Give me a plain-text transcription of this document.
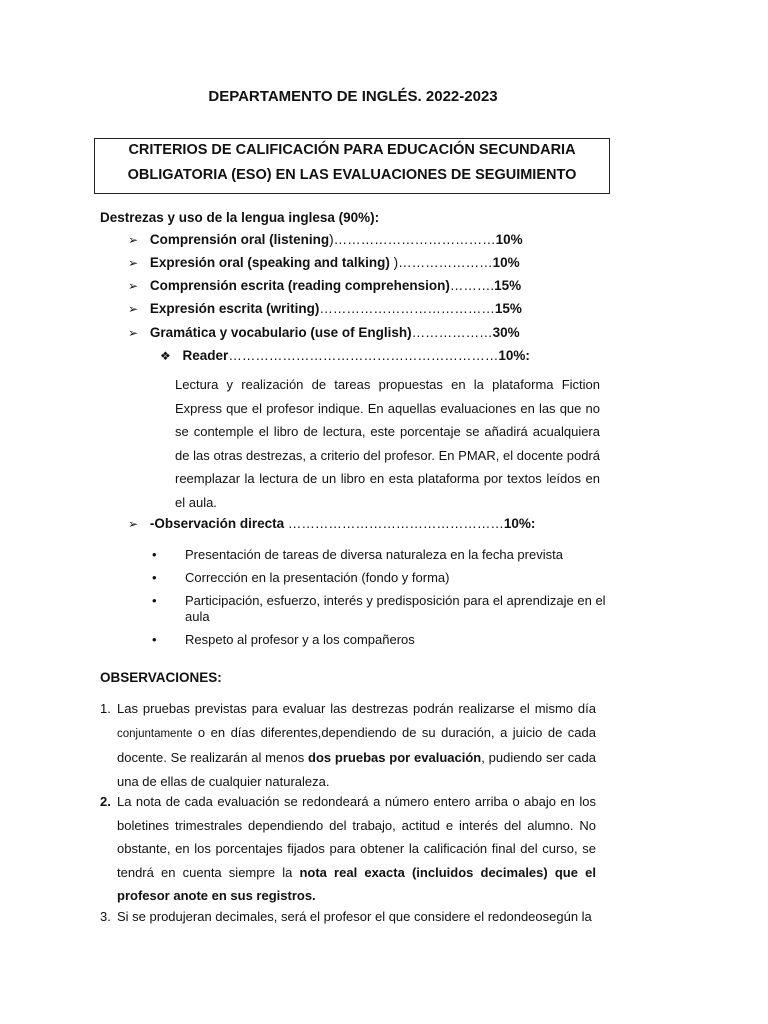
DEPARTAMENTO DE INGLÉS. 2022-2023
CRITERIOS DE CALIFICACIÓN PARA EDUCACIÓN SECUNDARIA
OBLIGATORIA (ESO) EN LAS EVALUACIONES DE SEGUIMIENTO
Destrezas y uso de la lengua inglesa (90%):
➢ Comprensión oral (listening)………………………………10%
➢ Expresión oral (speaking and talking) )…………………10%
➢ Comprensión escrita (reading comprehension)……….15%
➢ Expresión escrita (writing)…………………………………15%
➢ Gramática y vocabulario (use of English)………………30%
❖ Reader……………………………………………………10%:
Lectura y realización de tareas propuestas en la plataforma Fiction Express que el profesor indique. En aquellas evaluaciones en las que no se contemple el libro de lectura, este porcentaje se añadirá acualquiera de las otras destrezas, a criterio del profesor. En PMAR, el docente podrá reemplazar la lectura de un libro en esta plataforma por textos leídos en el aula.
➢ -Observación directa …………………………………………10%:
• Presentación de tareas de diversa naturaleza en la fecha prevista
• Corrección en la presentación (fondo y forma)
• Participación, esfuerzo, interés y predisposición para el aprendizaje en el aula
• Respeto al profesor y a los compañeros
OBSERVACIONES:
1. Las pruebas previstas para evaluar las destrezas podrán realizarse el mismo día conjuntamente o en días diferentes,dependiendo de su duración, a juicio de cada docente. Se realizarán al menos dos pruebas por evaluación, pudiendo ser cada una de ellas de cualquier naturaleza.
2. La nota de cada evaluación se redondeará a número entero arriba o abajo en los boletines trimestrales dependiendo del trabajo, actitud e interés del alumno. No obstante, en los porcentajes fijados para obtener la calificación final del curso, se tendrá en cuenta siempre la nota real exacta (incluidos decimales) que el profesor anote en sus registros.
3. Si se produjeran decimales, será el profesor el que considere el redondeosegún la
